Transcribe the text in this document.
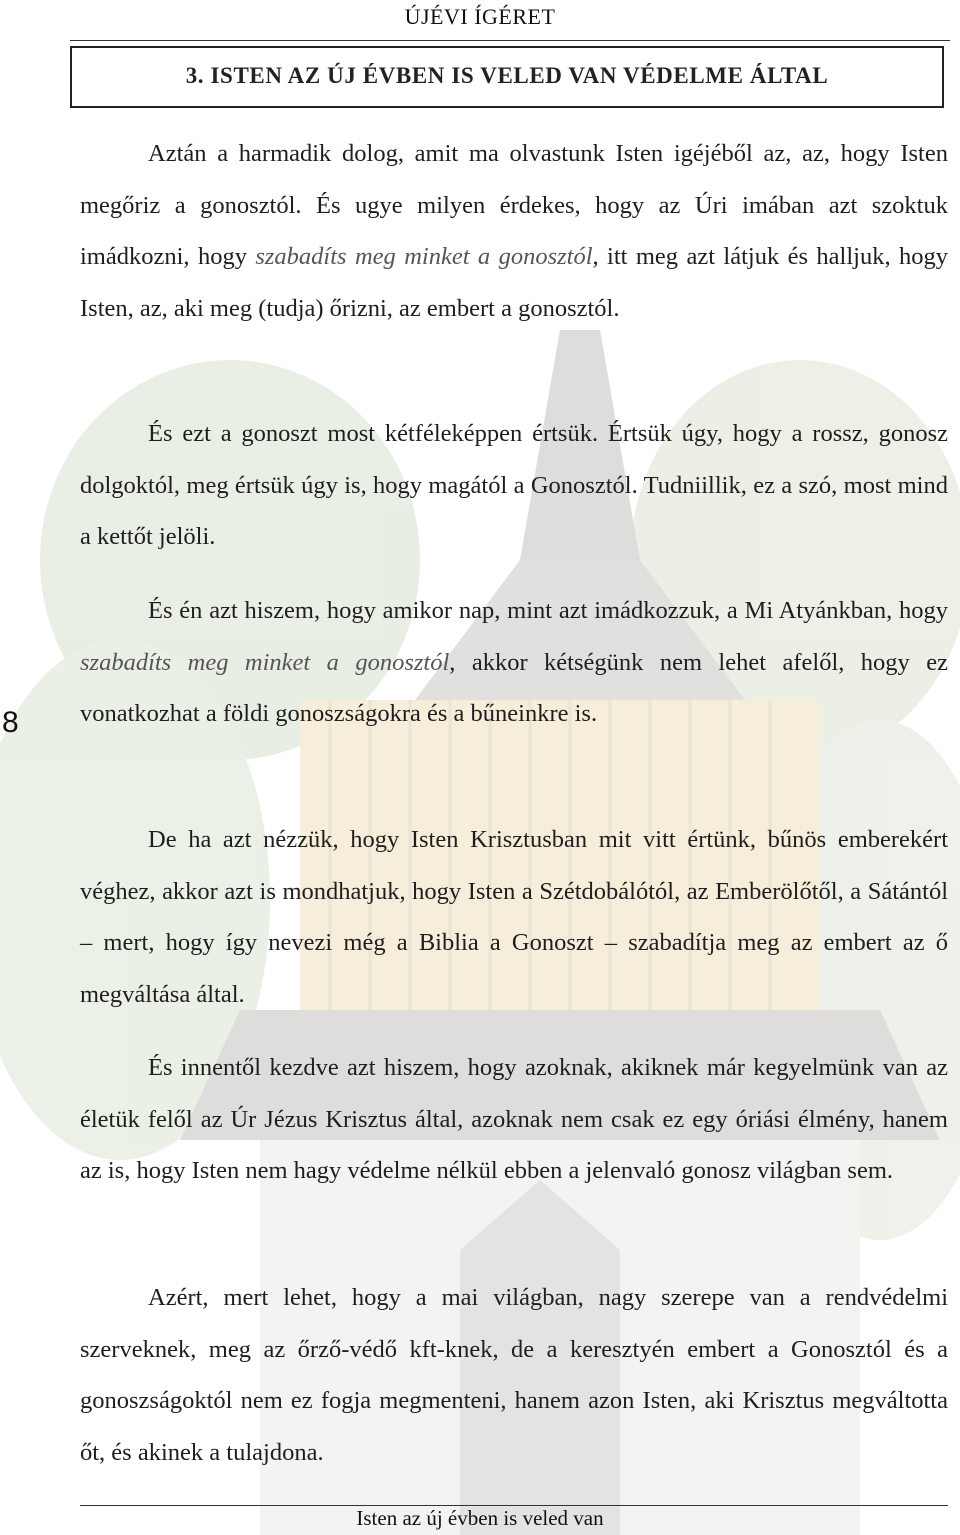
ÚJÉVI ÍGÉRET
3. ISTEN AZ ÚJ ÉVBEN IS VELED VAN VÉDELME ÁLTAL
8

Aztán a harmadik dolog, amit ma olvastunk Isten igéjéből az, az, hogy Isten megőriz a gonosztól. És ugye milyen érdekes, hogy az Úri imában azt szoktuk imádkozni, hogy szabadíts meg minket a gonosztól, itt meg azt látjuk és halljuk, hogy Isten, az, aki meg (tudja) őrizni, az embert a gonosztól.

És ezt a gonoszt most kétféleképpen értsük. Értsük úgy, hogy a rossz, gonosz dolgoktól, meg értsük úgy is, hogy magától a Gonosztól. Tudniillik, ez a szó, most mind a kettőt jelöli.

És én azt hiszem, hogy amikor nap, mint azt imádkozzuk, a Mi Atyánkban, hogy szabadíts meg minket a gonosztól, akkor kétségünk nem lehet afelől, hogy ez vonatkozhat a földi gonoszságokra és a bűneinkre is.

De ha azt nézzük, hogy Isten Krisztusban mit vitt értünk, bűnös emberekért véghez, akkor azt is mondhatjuk, hogy Isten a Szétdobálótól, az Emberölőtől, a Sátántól – mert, hogy így nevezi még a Biblia a Gonoszt – szabadítja meg az embert az ő megváltása által.

És innentől kezdve azt hiszem, hogy azoknak, akiknek már kegyelmünk van az életük felől az Úr Jézus Krisztus által, azoknak nem csak ez egy óriási élmény, hanem az is, hogy Isten nem hagy védelme nélkül ebben a jelenvaló gonosz világban sem.

Azért, mert lehet, hogy a mai világban, nagy szerepe van a rendvédelmi szerveknek, meg az őrző-védő kft-knek, de a keresztyén embert a Gonosztól és a gonoszságoktól nem ez fogja megmenteni, hanem azon Isten, aki Krisztus megváltotta őt, és akinek a tulajdona.

Isten az új évben is veled van
